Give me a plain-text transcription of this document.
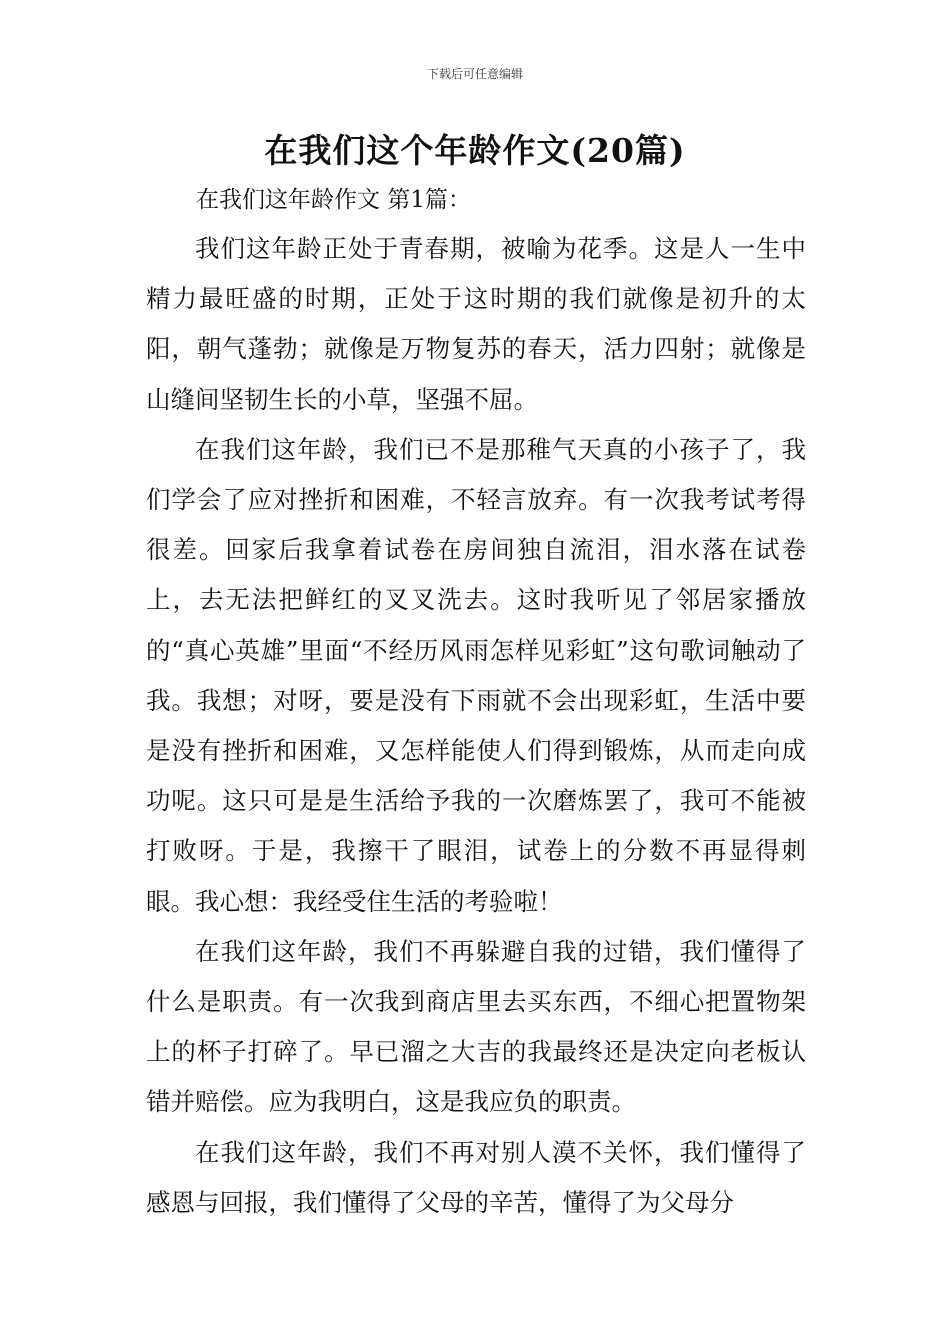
下载后可任意编辑
在我们这个年龄作文(20篇)
在我们这年龄作文 第1篇：

我们这年龄正处于青春期，被喻为花季。这是人一生中精力最旺盛的时期，正处于这时期的我们就像是初升的太阳，朝气蓬勃；就像是万物复苏的春天，活力四射；就像是山缝间坚韧生长的小草，坚强不屈。

在我们这年龄，我们已不是那稚气天真的小孩子了，我们学会了应对挫折和困难，不轻言放弃。有一次我考试考得很差。回家后我拿着试卷在房间独自流泪，泪水落在试卷上，去无法把鲜红的叉叉洗去。这时我听见了邻居家播放的“真心英雄”里面“不经历风雨怎样见彩虹”这句歌词触动了我。我想；对呀，要是没有下雨就不会出现彩虹，生活中要是没有挫折和困难，又怎样能使人们得到锻炼，从而走向成功呢。这只可是是生活给予我的一次磨炼罢了，我可不能被打败呀。于是，我擦干了眼泪，试卷上的分数不再显得刺眼。我心想：我经受住生活的考验啦！

在我们这年龄，我们不再躲避自我的过错，我们懂得了什么是职责。有一次我到商店里去买东西，不细心把置物架上的杯子打碎了。早已溜之大吉的我最终还是决定向老板认错并赔偿。应为我明白，这是我应负的职责。

在我们这年龄，我们不再对别人漠不关怀，我们懂得了感恩与回报，我们懂得了父母的辛苦，懂得了为父母分
